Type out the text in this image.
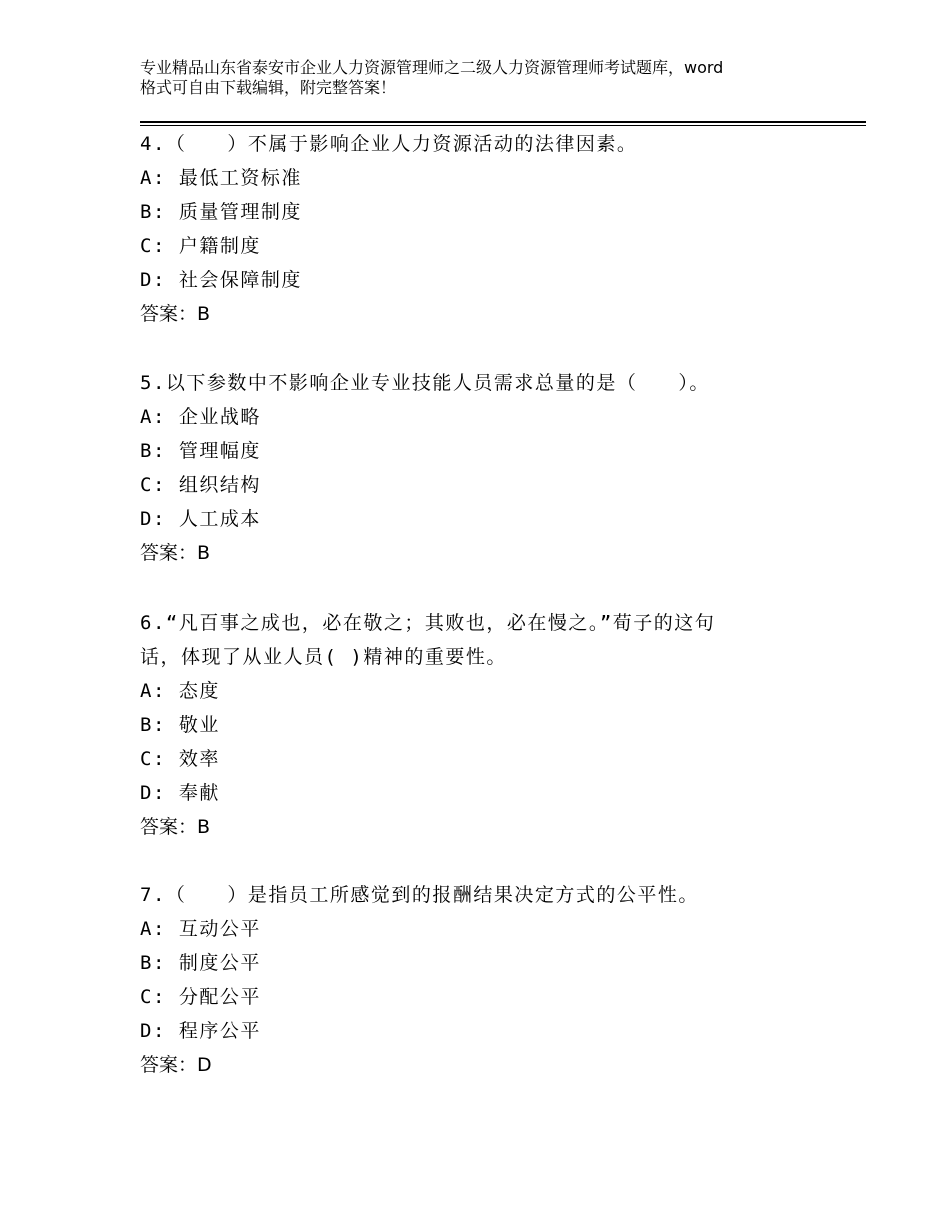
专业精品山东省泰安市企业人力资源管理师之二级人力资源管理师考试题库，word
格式可自由下载编辑，附完整答案！
4.（　　）不属于影响企业人力资源活动的法律因素。
A: 最低工资标准
B: 质量管理制度
C: 户籍制度
D: 社会保障制度
答案：B
5.以下参数中不影响企业专业技能人员需求总量的是（　　）。
A: 企业战略
B: 管理幅度
C: 组织结构
D: 人工成本
答案：B
6.“凡百事之成也，必在敬之；其败也，必在慢之。”荀子的这句
话，体现了从业人员( )精神的重要性。
A: 态度
B: 敬业
C: 效率
D: 奉献
答案：B
7.（　　）是指员工所感觉到的报酬结果决定方式的公平性。
A: 互动公平
B: 制度公平
C: 分配公平
D: 程序公平
答案：D
